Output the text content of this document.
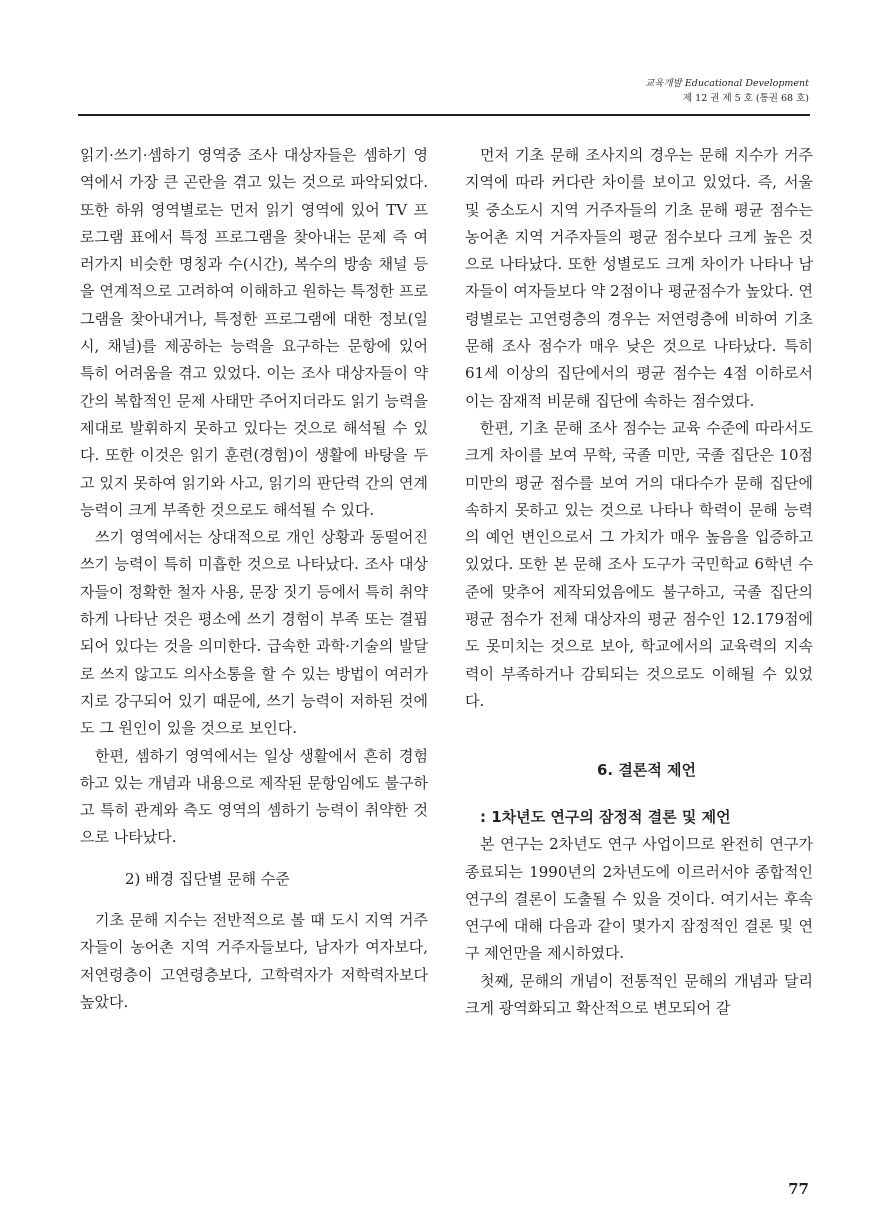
교육개발 Educational Development
제 12 권 제 5 호 (통권 68 호)

읽기·쓰기·셈하기 영역중 조사 대상자들은 셈하기 영역에서 가장 큰 곤란을 겪고 있는 것으로 파악되었다. 또한 하위 영역별로는 먼저 읽기 영역에 있어 TV 프로그램 표에서 특정 프로그램을 찾아내는 문제 즉 여러가지 비슷한 명칭과 수(시간), 복수의 방송 채널 등을 연계적으로 고려하여 이해하고 원하는 특정한 프로그램을 찾아내거나, 특정한 프로그램에 대한 정보(일시, 채널)를 제공하는 능력을 요구하는 문항에 있어 특히 어려움을 겪고 있었다. 이는 조사 대상자들이 약간의 복합적인 문제 사태만 주어지더라도 읽기 능력을 제대로 발휘하지 못하고 있다는 것으로 해석될 수 있다. 또한 이것은 읽기 훈련(경험)이 생활에 바탕을 두고 있지 못하여 읽기와 사고, 읽기의 판단력 간의 연계 능력이 크게 부족한 것으로도 해석될 수 있다.

쓰기 영역에서는 상대적으로 개인 상황과 동떨어진 쓰기 능력이 특히 미흡한 것으로 나타났다. 조사 대상자들이 정확한 철자 사용, 문장 짓기 등에서 특히 취약하게 나타난 것은 평소에 쓰기 경험이 부족 또는 결핍되어 있다는 것을 의미한다. 급속한 과학·기술의 발달로 쓰지 않고도 의사소통을 할 수 있는 방법이 여러가지로 강구되어 있기 때문에, 쓰기 능력이 저하된 것에도 그 원인이 있을 것으로 보인다.

한편, 셈하기 영역에서는 일상 생활에서 흔히 경험하고 있는 개념과 내용으로 제작된 문항임에도 불구하고 특히 관계와 측도 영역의 셈하기 능력이 취약한 것으로 나타났다.

2) 배경 집단별 문해 수준

기초 문해 지수는 전반적으로 볼 때 도시 지역 거주자들이 농어촌 지역 거주자들보다, 남자가 여자보다, 저연령층이 고연령층보다, 고학력자가 저학력자보다 높았다.

먼저 기초 문해 조사지의 경우는 문해 지수가 거주 지역에 따라 커다란 차이를 보이고 있었다. 즉, 서울 및 중소도시 지역 거주자들의 기초 문해 평균 점수는 농어촌 지역 거주자들의 평균 점수보다 크게 높은 것으로 나타났다. 또한 성별로도 크게 차이가 나타나 남자들이 여자들보다 약 2점이나 평균점수가 높았다. 연령별로는 고연령층의 경우는 저연령층에 비하여 기초 문해 조사 점수가 매우 낮은 것으로 나타났다. 특히 61세 이상의 집단에서의 평균 점수는 4점 이하로서 이는 잠재적 비문해 집단에 속하는 점수였다.

한편, 기초 문해 조사 점수는 교육 수준에 따라서도 크게 차이를 보여 무학, 국졸 미만, 국졸 집단은 10점 미만의 평균 점수를 보여 거의 대다수가 문해 집단에 속하지 못하고 있는 것으로 나타나 학력이 문해 능력의 예언 변인으로서 그 가치가 매우 높음을 입증하고 있었다. 또한 본 문해 조사 도구가 국민학교 6학년 수준에 맞추어 제작되었음에도 불구하고, 국졸 집단의 평균 점수가 전체 대상자의 평균 점수인 12.179점에도 못미치는 것으로 보아, 학교에서의 교육력의 지속력이 부족하거나 감퇴되는 것으로도 이해될 수 있었다.

6. 결론적 제언

: 1차년도 연구의 잠정적 결론 및 제언

본 연구는 2차년도 연구 사업이므로 완전히 연구가 종료되는 1990년의 2차년도에 이르러서야 종합적인 연구의 결론이 도출될 수 있을 것이다. 여기서는 후속 연구에 대해 다음과 같이 몇가지 잠정적인 결론 및 연구 제언만을 제시하였다.

첫째, 문해의 개념이 전통적인 문해의 개념과 달리 크게 광역화되고 확산적으로 변모되어 갈

77
